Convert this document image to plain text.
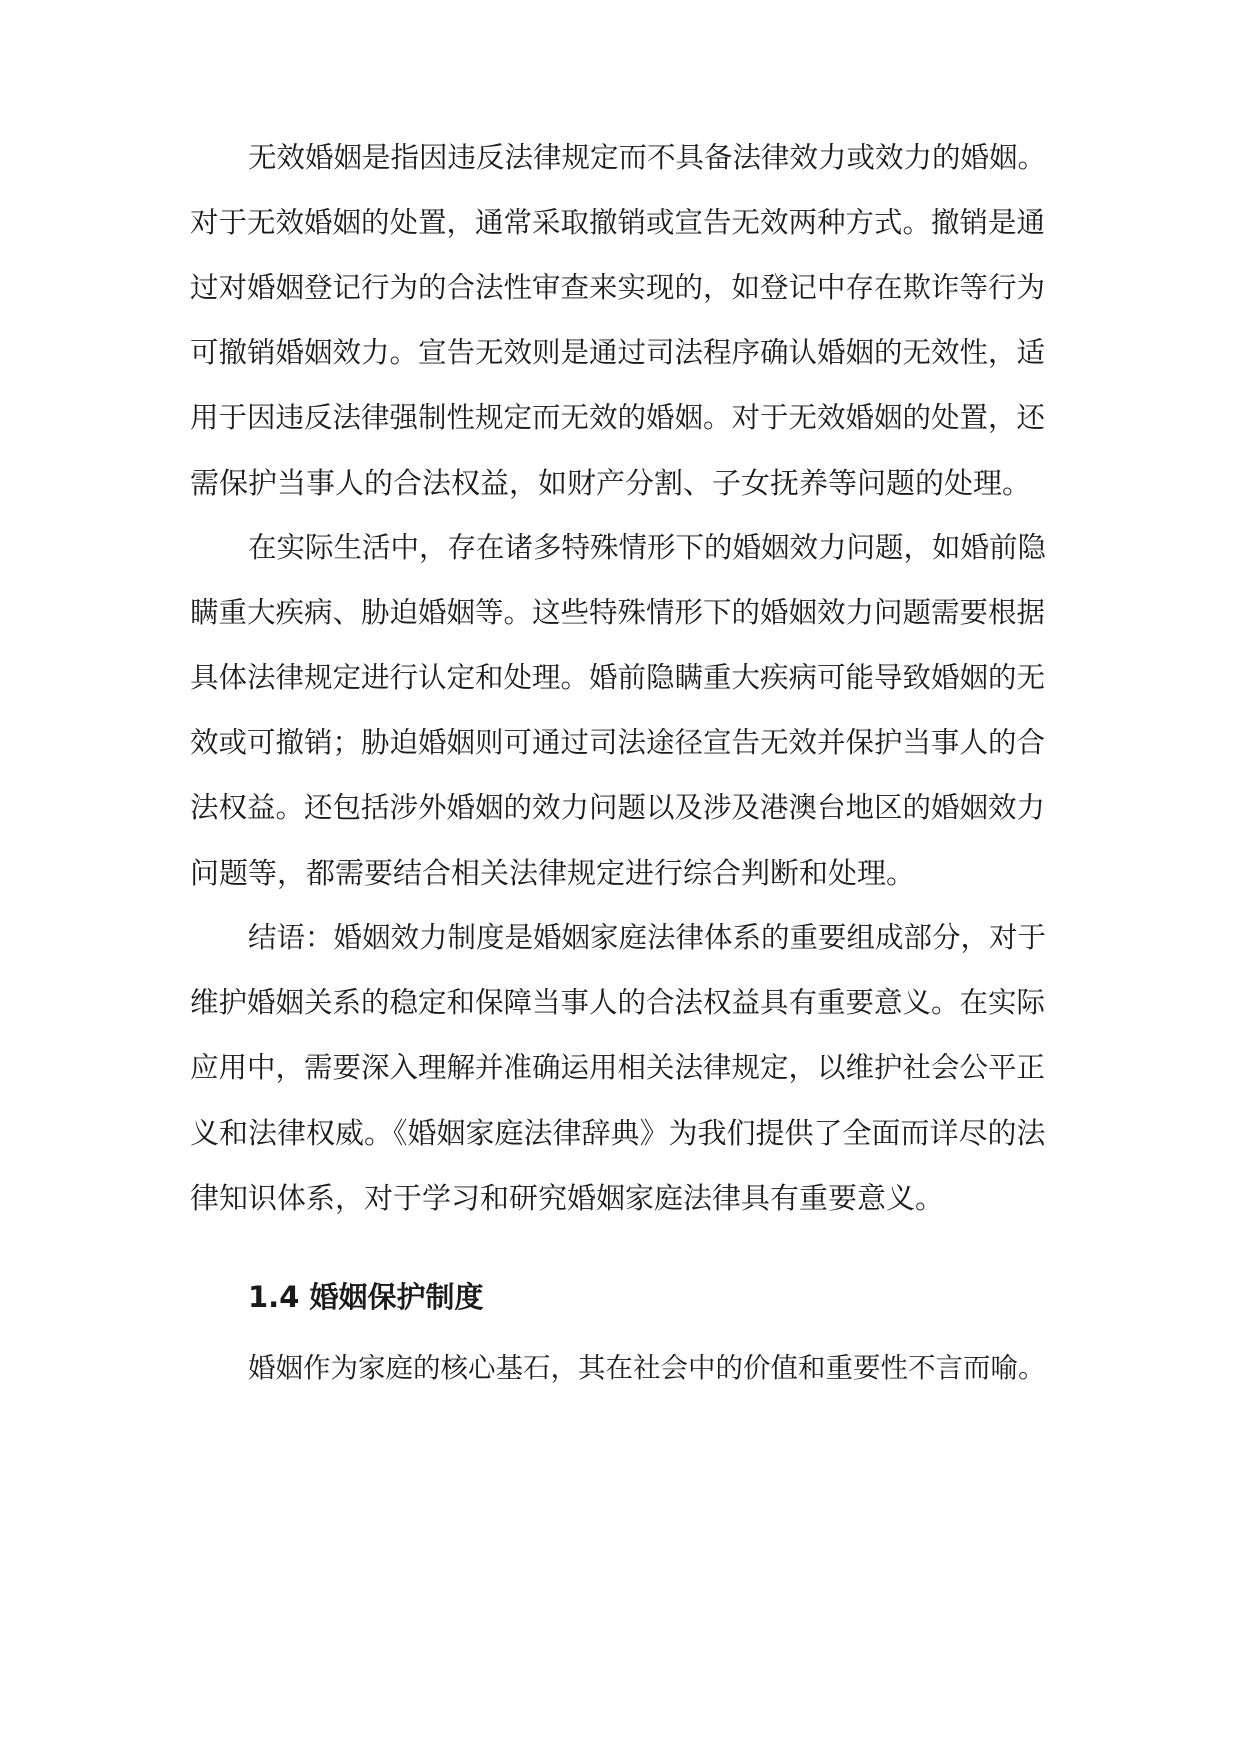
无效婚姻是指因违反法律规定而不具备法律效力或效力的婚姻。
对于无效婚姻的处置，通常采取撤销或宣告无效两种方式。撤销是通
过对婚姻登记行为的合法性审查来实现的，如登记中存在欺诈等行为
可撤销婚姻效力。宣告无效则是通过司法程序确认婚姻的无效性，适
用于因违反法律强制性规定而无效的婚姻。对于无效婚姻的处置，还
需保护当事人的合法权益，如财产分割、子女抚养等问题的处理。
在实际生活中，存在诸多特殊情形下的婚姻效力问题，如婚前隐
瞒重大疾病、胁迫婚姻等。这些特殊情形下的婚姻效力问题需要根据
具体法律规定进行认定和处理。婚前隐瞒重大疾病可能导致婚姻的无
效或可撤销；胁迫婚姻则可通过司法途径宣告无效并保护当事人的合
法权益。还包括涉外婚姻的效力问题以及涉及港澳台地区的婚姻效力
问题等，都需要结合相关法律规定进行综合判断和处理。
结语：婚姻效力制度是婚姻家庭法律体系的重要组成部分，对于
维护婚姻关系的稳定和保障当事人的合法权益具有重要意义。在实际
应用中，需要深入理解并准确运用相关法律规定，以维护社会公平正
义和法律权威。《婚姻家庭法律辞典》为我们提供了全面而详尽的法
律知识体系，对于学习和研究婚姻家庭法律具有重要意义。
1.4 婚姻保护制度
婚姻作为家庭的核心基石，其在社会中的价值和重要性不言而喻。
